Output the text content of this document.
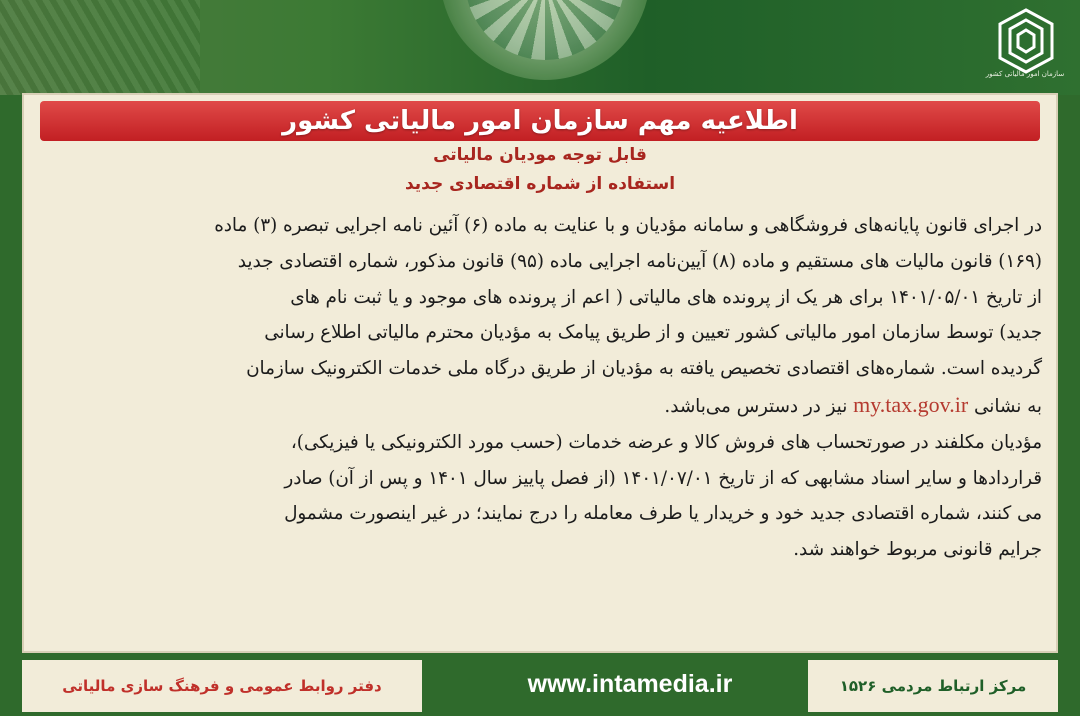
سازمان امور مالیاتی کشور
اطلاعیه مهم سازمان امور مالیاتی کشور
قابل توجه مودیان مالیاتی
استفاده از شماره اقتصادی جدید
در اجرای قانون پایانه‌های فروشگاهی و سامانه مؤدیان و با عنایت به ماده (۶) آئین نامه اجرایی تبصره (۳) ماده
(۱۶۹) قانون مالیات های مستقیم و ماده (۸) آیین‌نامه اجرایی ماده (۹۵) قانون مذکور، شماره اقتصادی جدید
از تاریخ ۱۴۰۱/۰۵/۰۱ برای هر یک از پرونده های مالیاتی ( اعم از پرونده های موجود و یا ثبت نام های
جدید) توسط سازمان امور مالیاتی کشور تعیین و از طریق پیامک به مؤدیان محترم مالیاتی اطلاع رسانی
گردیده است. شماره‌های اقتصادی تخصیص یافته به مؤدیان از طریق درگاه ملی خدمات الکترونیک سازمان
به نشانی my.tax.gov.ir نیز در دسترس می‌باشد.
مؤدیان مکلفند در صورتحساب های فروش کالا و عرضه خدمات (حسب مورد الکترونیکی یا فیزیکی)،
قراردادها و سایر اسناد مشابهی که از تاریخ ۱۴۰۱/۰۷/۰۱ (از فصل پاییز سال ۱۴۰۱ و پس از آن) صادر
می کنند، شماره اقتصادی جدید خود و خریدار یا طرف معامله را درج نمایند؛ در غیر اینصورت مشمول
جرایم قانونی مربوط خواهند شد.
دفتر روابط عمومی و فرهنگ سازی مالیاتی	www.intamedia.ir	مرکز ارتباط مردمی ۱۵۲۶
